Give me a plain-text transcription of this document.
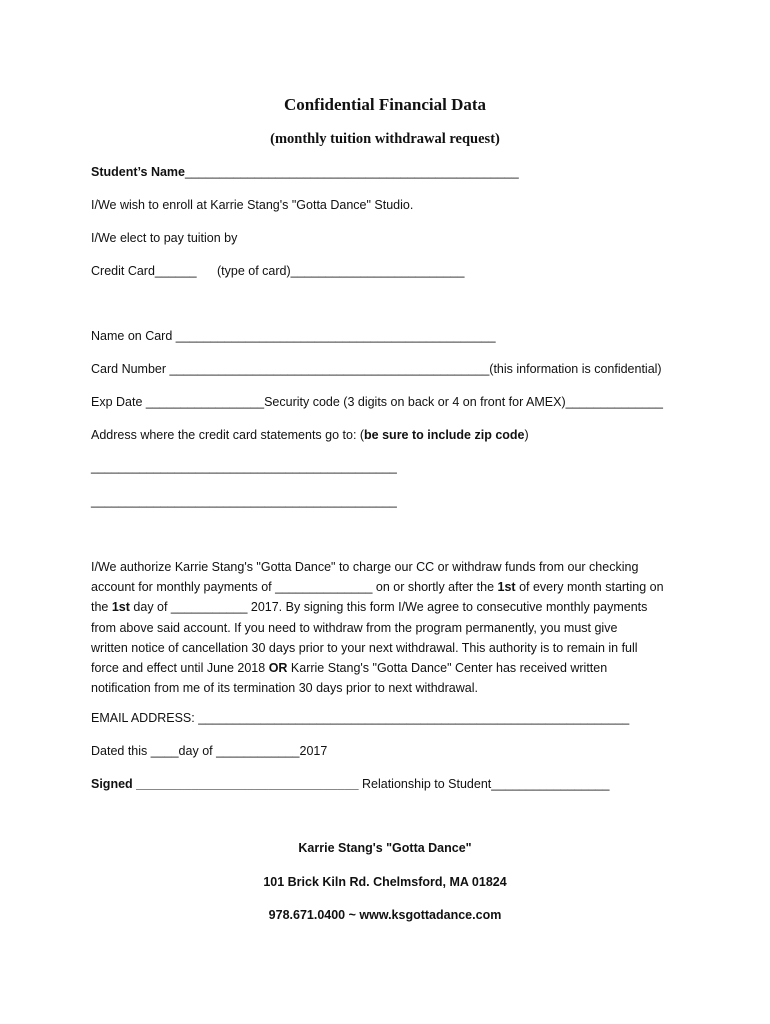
Confidential Financial Data
(monthly tuition withdrawal request)
Student’s Name________________________________________________
I/We wish to enroll at Karrie Stang's "Gotta Dance" Studio.
I/We elect to pay tuition by
Credit Card______ (type of card)_________________________
Name on Card ______________________________________________
Card Number ______________________________________________(this information is confidential)
Exp Date _________________Security code (3 digits on back or 4 on front for AMEX)______________
Address where the credit card statements go to: (be sure to include zip code)
____________________________________________
____________________________________________

I/We authorize Karrie Stang's "Gotta Dance" to charge our CC or withdraw funds from our checking

account for monthly payments of ______________ on or shortly after the 1st of every month starting on

the 1st day of ___________ 2017. By signing this form I/We agree to consecutive monthly payments

from above said account. If you need to withdraw from the program permanently, you must give

written notice of cancellation 30 days prior to your next withdrawal. This authority is to remain in full

force and effect until June 2018 OR Karrie Stang's "Gotta Dance" Center has received written

notification from me of its termination 30 days prior to next withdrawal.

EMAIL ADDRESS: ______________________________________________________________
Dated this ____day of ____________2017
Signed ________________________________ Relationship to Student_________________
Karrie Stang's "Gotta Dance"
101 Brick Kiln Rd. Chelmsford, MA 01824
978.671.0400 ~ www.ksgottadance.com
